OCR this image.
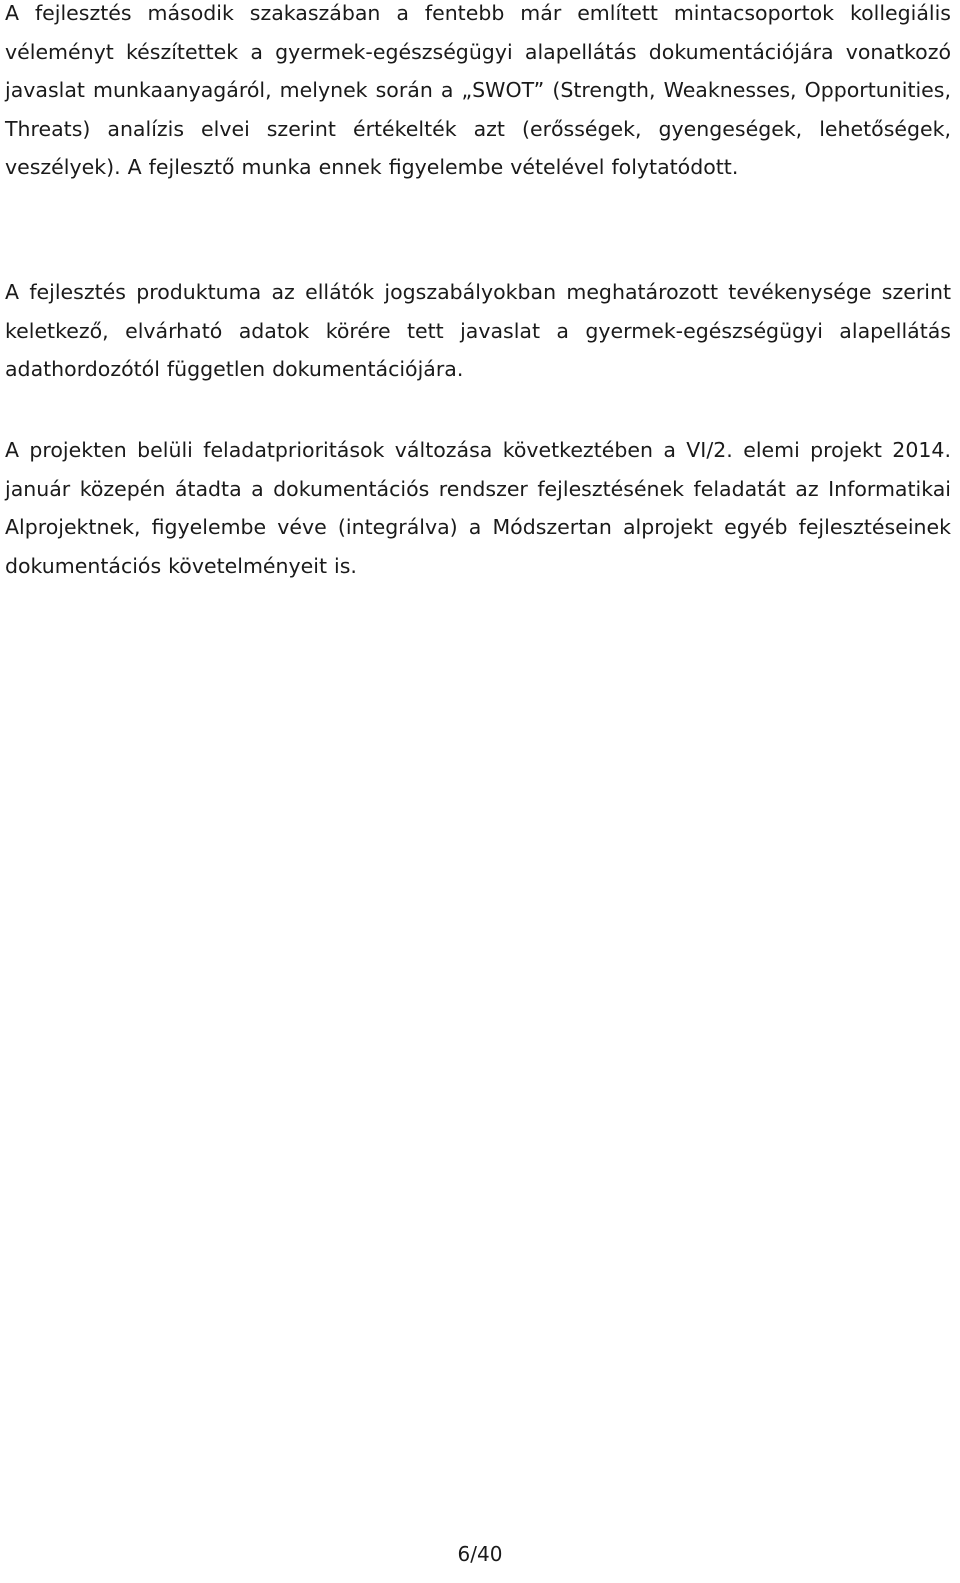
A fejlesztés második szakaszában a fentebb már említett mintacsoportok kollegiális véleményt készítettek a gyermek-egészségügyi alapellátás dokumentációjára vonatkozó javaslat munkaanyagáról, melynek során a „SWOT” (Strength, Weaknesses, Opportunities, Threats) analízis elvei szerint értékelték azt (erősségek, gyengeségek, lehetőségek, veszélyek). A fejlesztő munka ennek figyelembe vételével folytatódott.

A fejlesztés produktuma az ellátók jogszabályokban meghatározott tevékenysége szerint keletkező, elvárható adatok körére tett javaslat a gyermek-egészségügyi alapellátás adathordozótól független dokumentációjára.

A projekten belüli feladatprioritások változása következtében a VI/2. elemi projekt 2014. január közepén átadta a dokumentációs rendszer fejlesztésének feladatát az Informatikai Alprojektnek, figyelembe véve (integrálva) a Módszertan alprojekt egyéb fejlesztéseinek dokumentációs követelményeit is.

6/40
